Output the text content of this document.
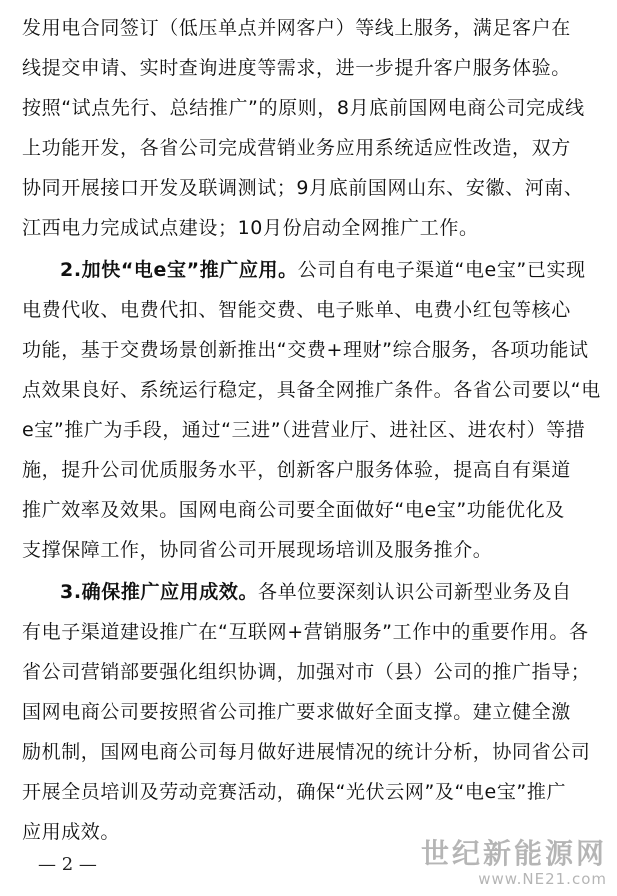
发用电合同签订（低压单点并网客户）等线上服务，满足客户在
线提交申请、实时查询进度等需求，进一步提升客户服务体验。
按照“试点先行、总结推广”的原则，8月底前国网电商公司完成线
上功能开发，各省公司完成营销业务应用系统适应性改造，双方
协同开展接口开发及联调测试；9月底前国网山东、安徽、河南、
江西电力完成试点建设；10月份启动全网推广工作。
2.加快“电e宝”推广应用。公司自有电子渠道“电e宝”已实现
电费代收、电费代扣、智能交费、电子账单、电费小红包等核心
功能，基于交费场景创新推出“交费+理财”综合服务，各项功能试
点效果良好、系统运行稳定，具备全网推广条件。各省公司要以“电
e宝”推广为手段，通过“三进”（进营业厅、进社区、进农村）等措
施，提升公司优质服务水平，创新客户服务体验，提高自有渠道
推广效率及效果。国网电商公司要全面做好“电e宝”功能优化及
支撑保障工作，协同省公司开展现场培训及服务推介。
3.确保推广应用成效。各单位要深刻认识公司新型业务及自
有电子渠道建设推广在“互联网+营销服务”工作中的重要作用。各
省公司营销部要强化组织协调，加强对市（县）公司的推广指导；
国网电商公司要按照省公司推广要求做好全面支撑。建立健全激
励机制，国网电商公司每月做好进展情况的统计分析，协同省公司
开展全员培训及劳动竞赛活动，确保“光伏云网”及“电e宝”推广
应用成效。
— 2 —	世纪新能源网
www.NE21.com
